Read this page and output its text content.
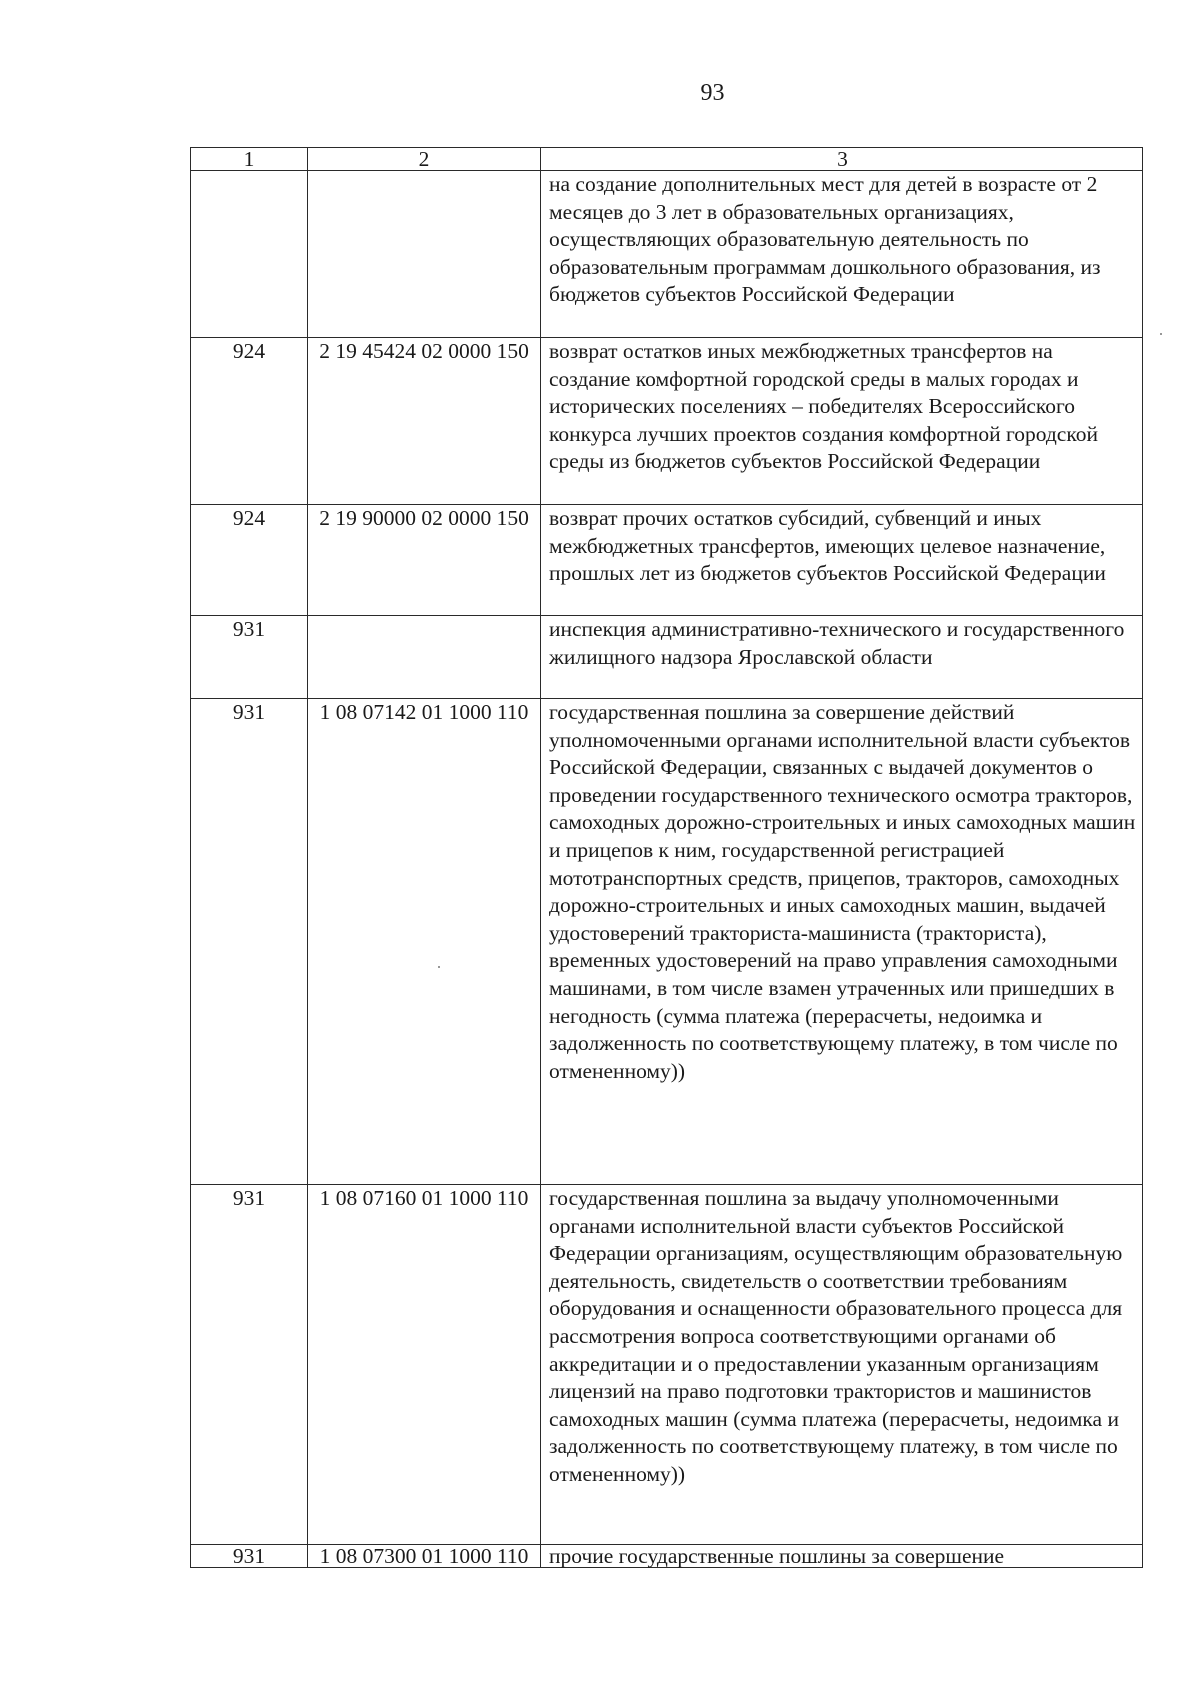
93
1	2	3
		на создание дополнительных мест для детей в возрасте от 2 месяцев до 3 лет в образовательных организациях, осуществляющих образовательную деятельность по образовательным программам дошкольного образования, из бюджетов субъектов Российской Федерации
924	2 19 45424 02 0000 150	возврат остатков иных межбюджетных трансфертов на создание комфортной городской среды в малых городах и исторических поселениях – победителях Всероссийского конкурса лучших проектов создания комфортной городской среды из бюджетов субъектов Российской Федерации
924	2 19 90000 02 0000 150	возврат прочих остатков субсидий, субвенций и иных межбюджетных трансфертов, имеющих целевое назначение, прошлых лет из бюджетов субъектов Российской Федерации
931		инспекция административно-технического и государственного жилищного надзора Ярославской области
931	1 08 07142 01 1000 110	государственная пошлина за совершение действий уполномоченными органами исполнительной власти субъектов Российской Федерации, связанных с выдачей документов о проведении государственного технического осмотра тракторов, самоходных дорожно-строительных и иных самоходных машин и прицепов к ним, государственной регистрацией мототранспортных средств, прицепов, тракторов, самоходных дорожно-строительных и иных самоходных машин, выдачей удостоверений тракториста-машиниста (тракториста), временных удостоверений на право управления самоходными машинами, в том числе взамен утраченных или пришедших в негодность (сумма платежа (перерасчеты, недоимка и задолженность по соответствующему платежу, в том числе по отмененному))
931	1 08 07160 01 1000 110	государственная пошлина за выдачу уполномоченными органами исполнительной власти субъектов Российской Федерации организациям, осуществляющим образовательную деятельность, свидетельств о соответствии требованиям оборудования и оснащенности образовательного процесса для рассмотрения вопроса соответствующими органами об аккредитации и о предоставлении указанным организациям лицензий на право подготовки трактористов и машинистов самоходных машин (сумма платежа (перерасчеты, недоимка и задолженность по соответствующему платежу, в том числе по отмененному))
931	1 08 07300 01 1000 110	прочие государственные пошлины за совершение
